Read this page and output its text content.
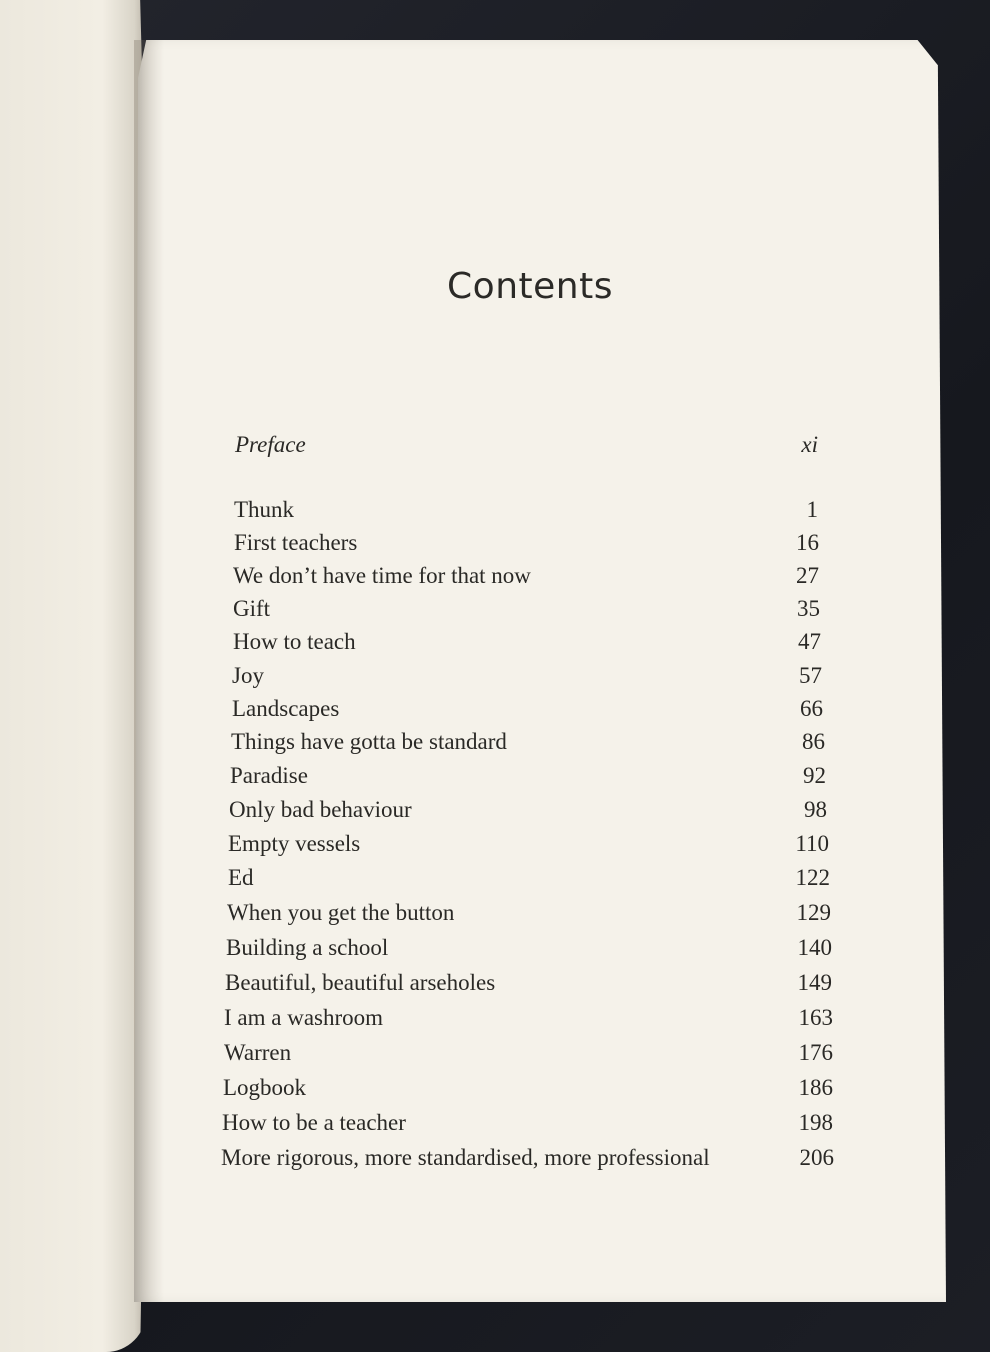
Contents
Preface	xi
Thunk	1
First teachers	16
We don’t have time for that now	27
Gift	35
How to teach	47
Joy	57
Landscapes	66
Things have gotta be standard	86
Paradise	92
Only bad behaviour	98
Empty vessels	110
Ed	122
When you get the button	129
Building a school	140
Beautiful, beautiful arseholes	149
I am a washroom	163
Warren	176
Logbook	186
How to be a teacher	198
More rigorous, more standardised, more professional	206
